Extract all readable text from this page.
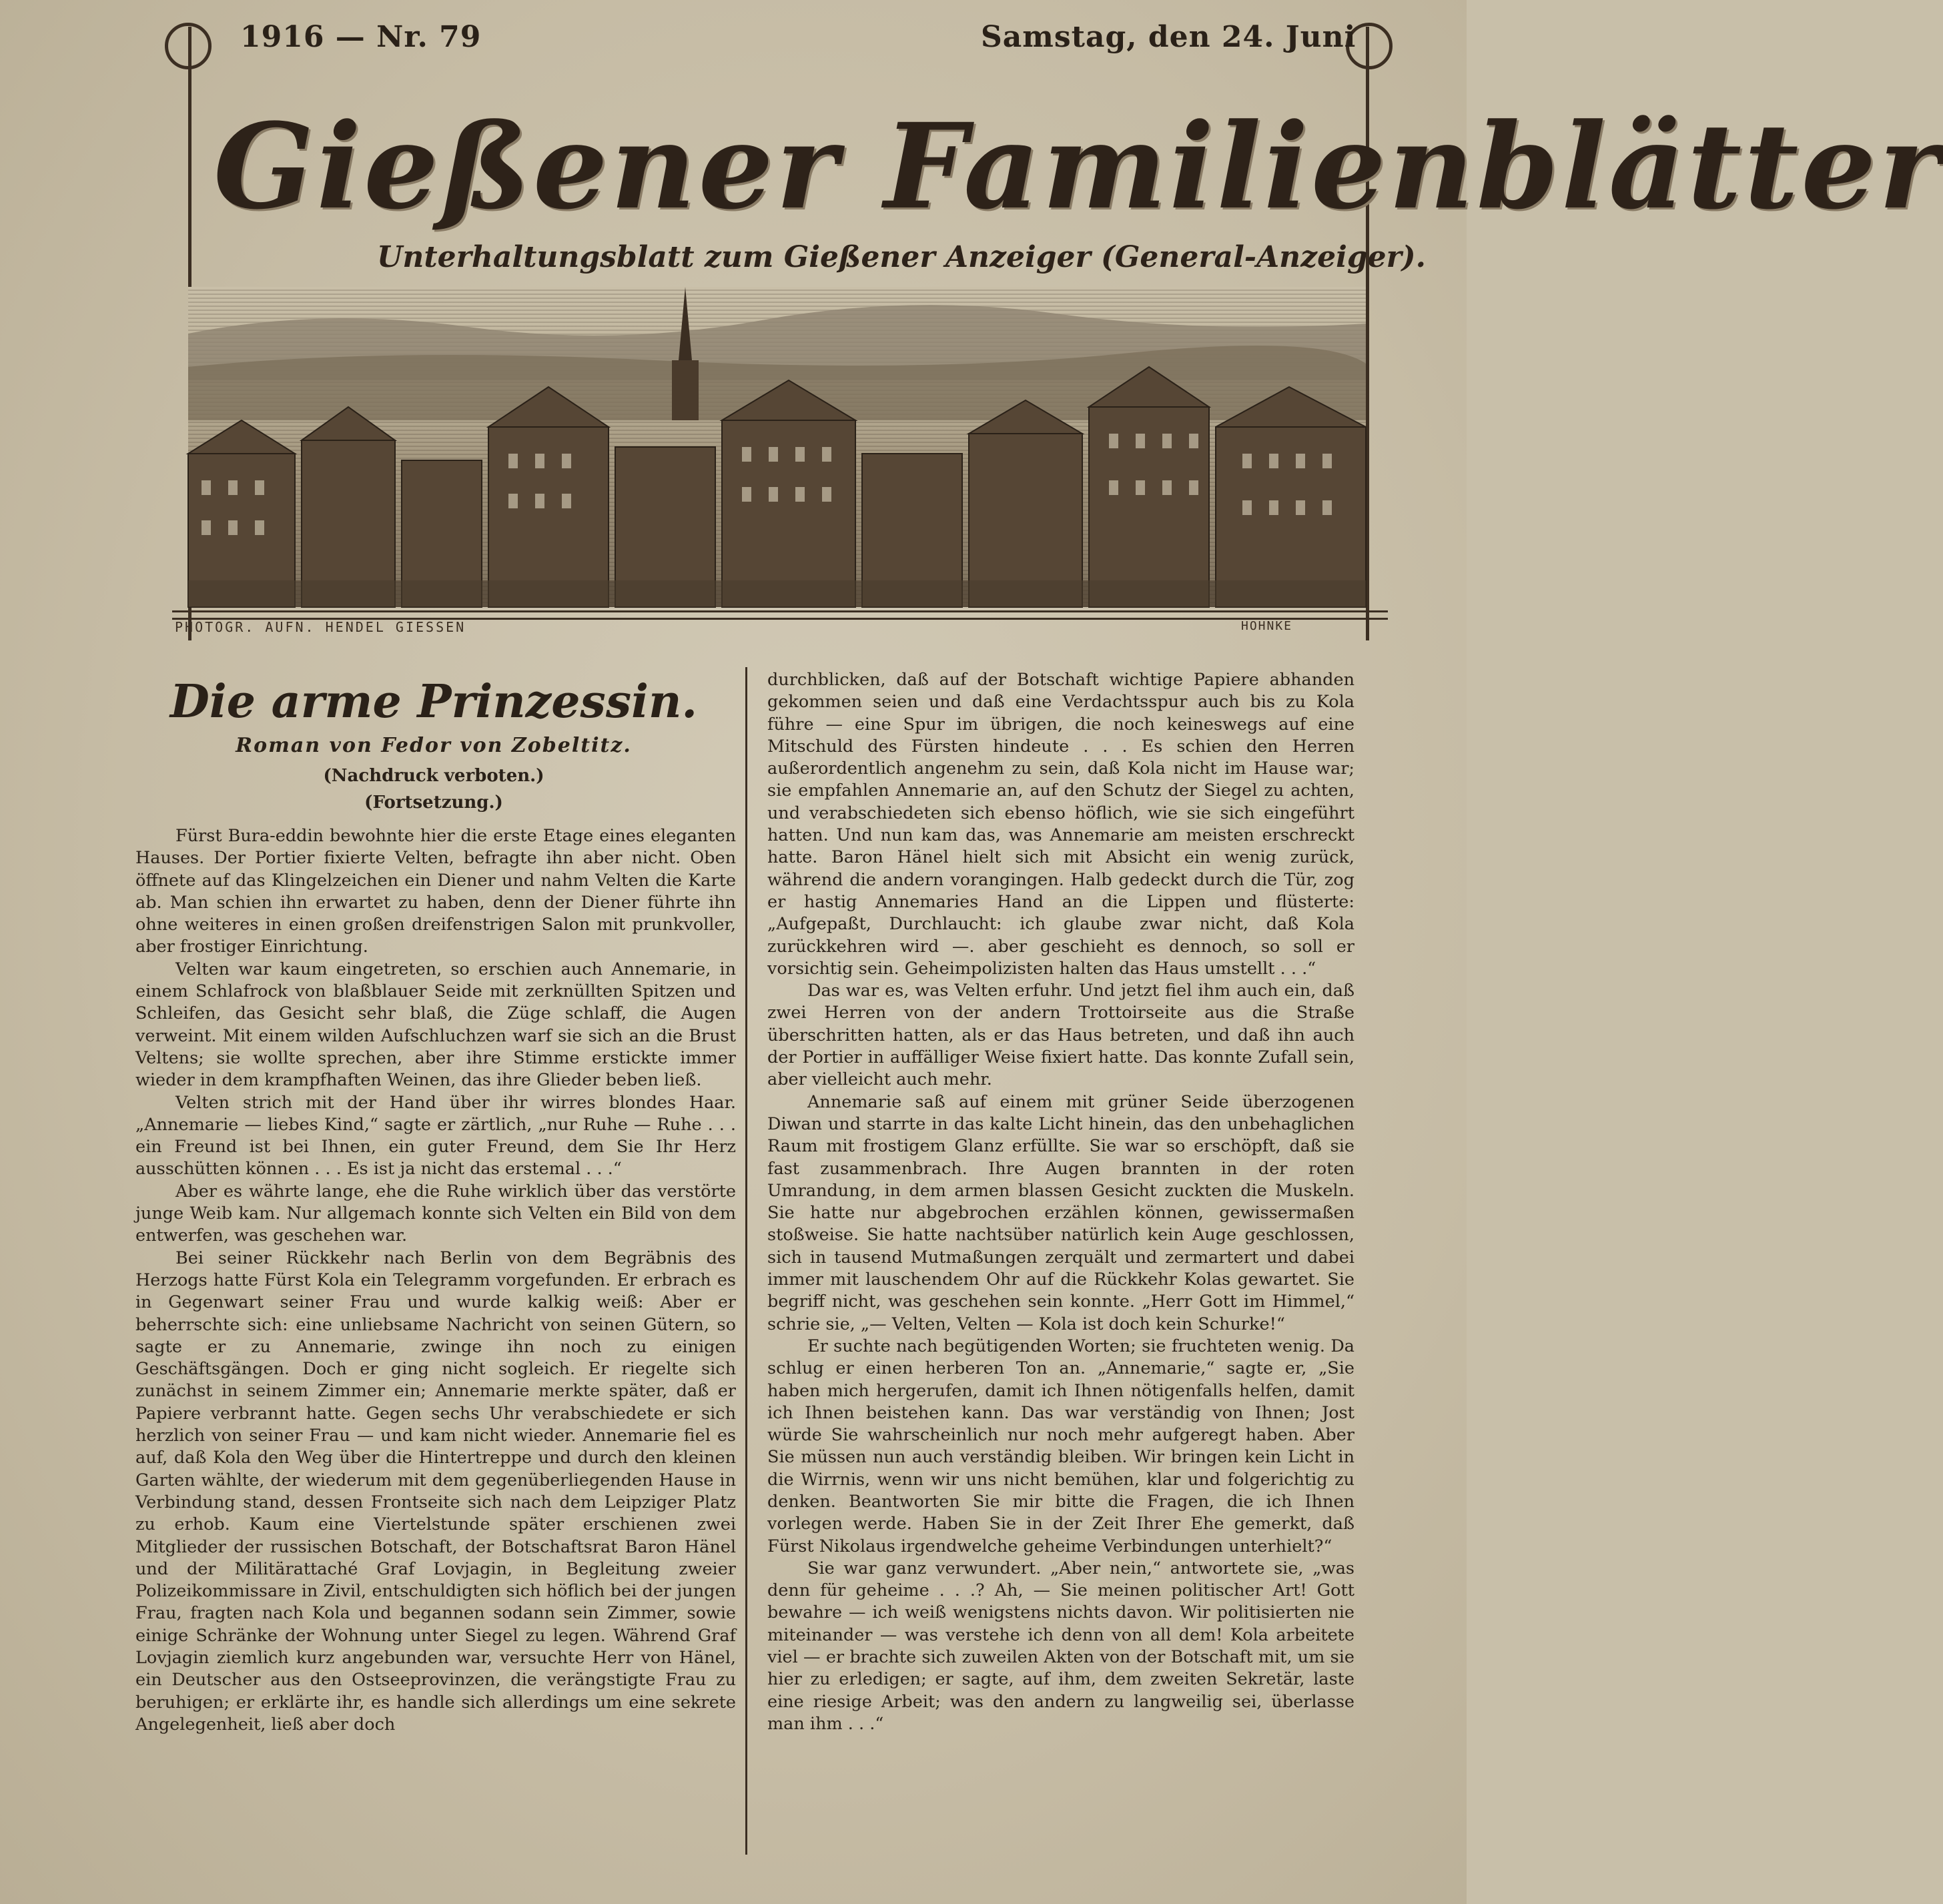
1916 — Nr. 79	Samstag, den 24. Juni
Gießener Familienblätter
Unterhaltungsblatt zum Gießener Anzeiger (General-Anzeiger).
PHOTOGR. AUFN. HENDEL GIESSEN	HOHNKE
Die arme Prinzessin.
Roman von Fedor von Zobeltitz.
(Nachdruck verboten.)
(Fortsetzung.)

Fürst Bura-eddin bewohnte hier die erste Etage eines eleganten Hauses. Der Portier fixierte Velten, befragte ihn aber nicht. Oben öffnete auf das Klingelzeichen ein Diener und nahm Velten die Karte ab. Man schien ihn erwartet zu haben, denn der Diener führte ihn ohne weiteres in einen großen dreifenstrigen Salon mit prunkvoller, aber frostiger Einrichtung.

Velten war kaum eingetreten, so erschien auch Annemarie, in einem Schlafrock von blaßblauer Seide mit zerknüllten Spitzen und Schleifen, das Gesicht sehr blaß, die Züge schlaff, die Augen verweint. Mit einem wilden Aufschluchzen warf sie sich an die Brust Veltens; sie wollte sprechen, aber ihre Stimme erstickte immer wieder in dem krampfhaften Weinen, das ihre Glieder beben ließ.

Velten strich mit der Hand über ihr wirres blondes Haar. „Annemarie — liebes Kind,“ sagte er zärtlich, „nur Ruhe — Ruhe . . . ein Freund ist bei Ihnen, ein guter Freund, dem Sie Ihr Herz ausschütten können . . . Es ist ja nicht das erstemal . . .“

Aber es währte lange, ehe die Ruhe wirklich über das verstörte junge Weib kam. Nur allgemach konnte sich Velten ein Bild von dem entwerfen, was geschehen war.

Bei seiner Rückkehr nach Berlin von dem Begräbnis des Herzogs hatte Fürst Kola ein Telegramm vorgefunden. Er erbrach es in Gegenwart seiner Frau und wurde kalkig weiß: Aber er beherrschte sich: eine unliebsame Nachricht von seinen Gütern, so sagte er zu Annemarie, zwinge ihn noch zu einigen Geschäftsgängen. Doch er ging nicht sogleich. Er riegelte sich zunächst in seinem Zimmer ein; Annemarie merkte später, daß er Papiere verbrannt hatte. Gegen sechs Uhr verabschiedete er sich herzlich von seiner Frau — und kam nicht wieder. Annemarie fiel es auf, daß Kola den Weg über die Hintertreppe und durch den kleinen Garten wählte, der wiederum mit dem gegenüberliegenden Hause in Verbindung stand, dessen Frontseite sich nach dem Leipziger Platz zu erhob. Kaum eine Viertelstunde später erschienen zwei Mitglieder der russischen Botschaft, der Botschaftsrat Baron Hänel und der Militärattaché Graf Lovjagin, in Begleitung zweier Polizeikommissare in Zivil, entschuldigten sich höflich bei der jungen Frau, fragten nach Kola und begannen sodann sein Zimmer, sowie einige Schränke der Wohnung unter Siegel zu legen. Während Graf Lovjagin ziemlich kurz angebunden war, versuchte Herr von Hänel, ein Deutscher aus den Ostseeprovinzen, die verängstigte Frau zu beruhigen; er erklärte ihr, es handle sich allerdings um eine sekrete Angelegenheit, ließ aber doch

durchblicken, daß auf der Botschaft wichtige Papiere abhanden gekommen seien und daß eine Verdachtsspur auch bis zu Kola führe — eine Spur im übrigen, die noch keineswegs auf eine Mitschuld des Fürsten hindeute . . . Es schien den Herren außerordentlich angenehm zu sein, daß Kola nicht im Hause war; sie empfahlen Annemarie an, auf den Schutz der Siegel zu achten, und verabschiedeten sich ebenso höflich, wie sie sich eingeführt hatten. Und nun kam das, was Annemarie am meisten erschreckt hatte. Baron Hänel hielt sich mit Absicht ein wenig zurück, während die andern vorangingen. Halb gedeckt durch die Tür, zog er hastig Annemaries Hand an die Lippen und flüsterte: „Aufgepaßt, Durchlaucht: ich glaube zwar nicht, daß Kola zurückkehren wird —. aber geschieht es dennoch, so soll er vorsichtig sein. Geheimpolizisten halten das Haus umstellt . . .“

Das war es, was Velten erfuhr. Und jetzt fiel ihm auch ein, daß zwei Herren von der andern Trottoirseite aus die Straße überschritten hatten, als er das Haus betreten, und daß ihn auch der Portier in auffälliger Weise fixiert hatte. Das konnte Zufall sein, aber vielleicht auch mehr.

Annemarie saß auf einem mit grüner Seide überzogenen Diwan und starrte in das kalte Licht hinein, das den unbehaglichen Raum mit frostigem Glanz erfüllte. Sie war so erschöpft, daß sie fast zusammenbrach. Ihre Augen brannten in der roten Umrandung, in dem armen blassen Gesicht zuckten die Muskeln. Sie hatte nur abgebrochen erzählen können, gewissermaßen stoßweise. Sie hatte nachtsüber natürlich kein Auge geschlossen, sich in tausend Mutmaßungen zerquält und zermartert und dabei immer mit lauschendem Ohr auf die Rückkehr Kolas gewartet. Sie begriff nicht, was geschehen sein konnte. „Herr Gott im Himmel,“ schrie sie, „— Velten, Velten — Kola ist doch kein Schurke!“

Er suchte nach begütigenden Worten; sie fruchteten wenig. Da schlug er einen herberen Ton an. „Annemarie,“ sagte er, „Sie haben mich hergerufen, damit ich Ihnen nötigenfalls helfen, damit ich Ihnen beistehen kann. Das war verständig von Ihnen; Jost würde Sie wahrscheinlich nur noch mehr aufgeregt haben. Aber Sie müssen nun auch verständig bleiben. Wir bringen kein Licht in die Wirrnis, wenn wir uns nicht bemühen, klar und folgerichtig zu denken. Beantworten Sie mir bitte die Fragen, die ich Ihnen vorlegen werde. Haben Sie in der Zeit Ihrer Ehe gemerkt, daß Fürst Nikolaus irgendwelche geheime Verbindungen unterhielt?“

Sie war ganz verwundert. „Aber nein,“ antwortete sie, „was denn für geheime . . .? Ah, — Sie meinen politischer Art! Gott bewahre — ich weiß wenigstens nichts davon. Wir politisierten nie miteinander — was verstehe ich denn von all dem! Kola arbeitete viel — er brachte sich zuweilen Akten von der Botschaft mit, um sie hier zu erledigen; er sagte, auf ihm, dem zweiten Sekretär, laste eine riesige Arbeit; was den andern zu langweilig sei, überlasse man ihm . . .“
